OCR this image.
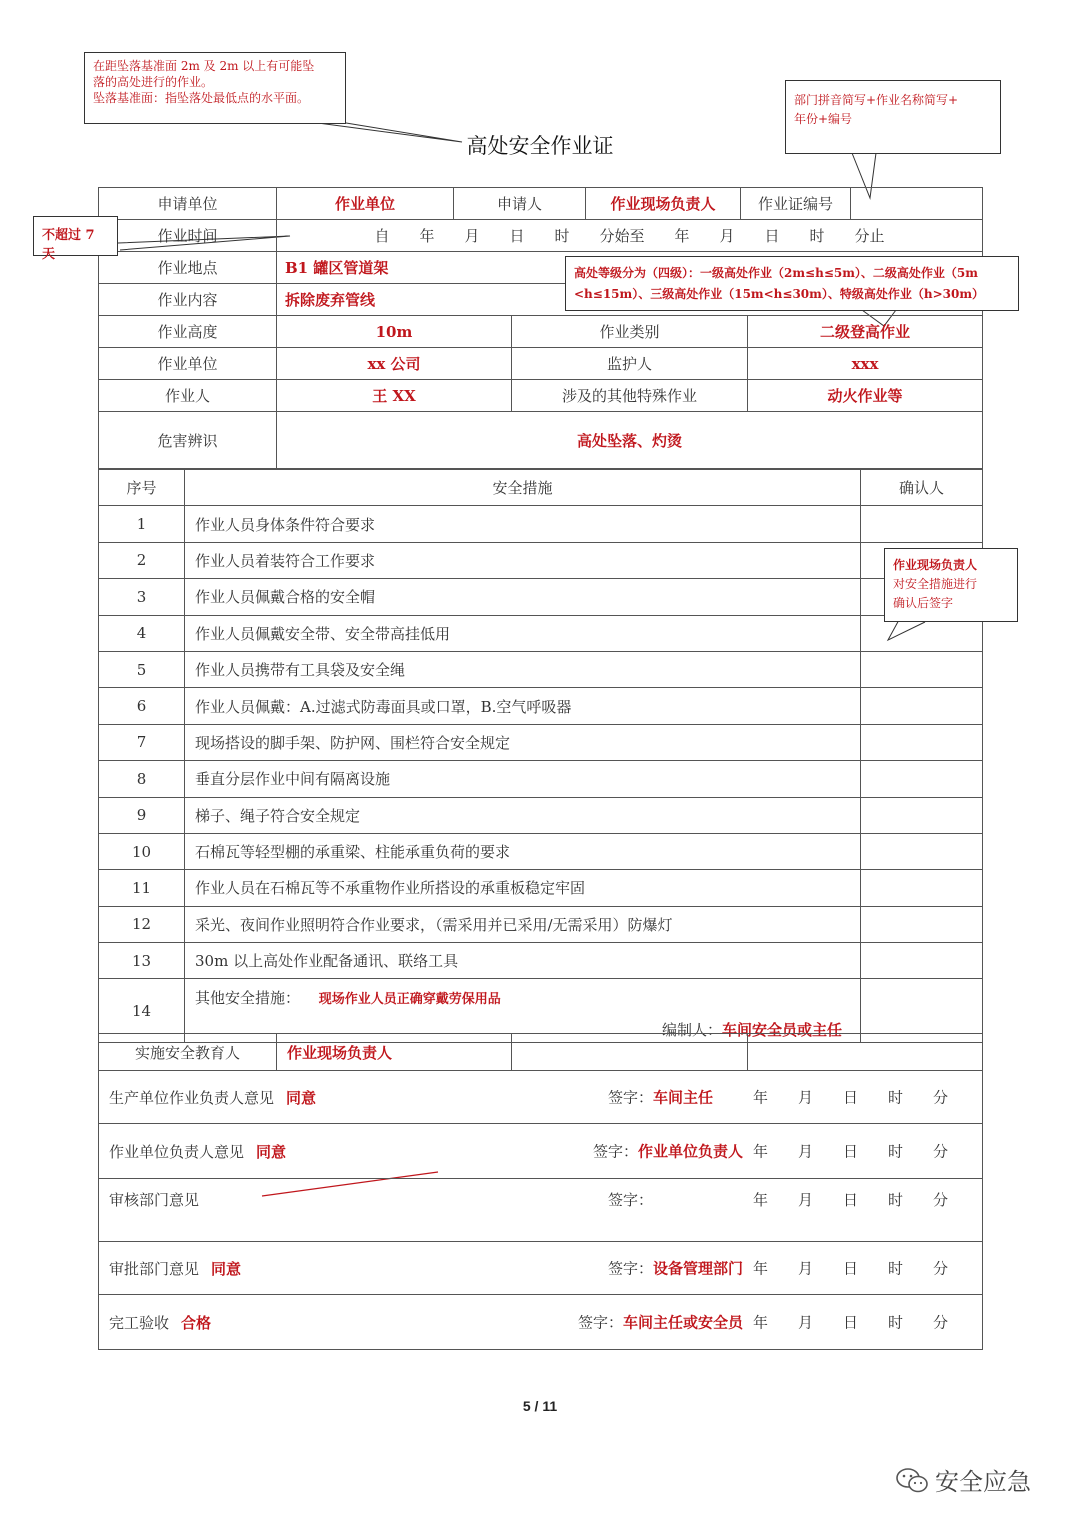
在距坠落基准面 2m 及 2m 以上有可能坠
落的高处进行的作业。
坠落基准面：指坠落处最低点的水平面。	部门拼音简写+作业名称简写+
年份+编号
高处安全作业证
申请单位	作业单位	申请人	作业现场负责人	作业证编号	
作业时间	自　　年　　月　　日　　时　　分始至　　年　　月　　日　　时　　分止				
作业地点	B1 罐区管道架				
作业内容	拆除废弃管线				
作业高度	10m	作业类别	二级登高作业
作业单位	xx 公司	监护人	xxx
作业人	王 XX	涉及的其他特殊作业	动火作业等
危害辨识	高处坠落、灼烫		
不超过 7 天
高处等级分为（四级）：一级高处作业（2m≤h≤5m）、二级高处作业（5m
<h≤15m）、三级高处作业（15m<h≤30m）、特级高处作业（h>30m）
序号	安全措施	确认人
1	作业人员身体条件符合要求	
2	作业人员着装符合工作要求	
3	作业人员佩戴合格的安全帽	
4	作业人员佩戴安全带、安全带高挂低用	
5	作业人员携带有工具袋及安全绳	
6	作业人员佩戴：A.过滤式防毒面具或口罩，B.空气呼吸器	
7	现场搭设的脚手架、防护网、围栏符合安全规定	
8	垂直分层作业中间有隔离设施	
9	梯子、绳子符合安全规定	
10	石棉瓦等轻型棚的承重梁、柱能承重负荷的要求	
11	作业人员在石棉瓦等不承重物作业所搭设的承重板稳定牢固	
12	采光、夜间作业照明符合作业要求，（需采用并已采用/无需采用）防爆灯	
13	30m 以上高处作业配备通讯、联络工具	
14	其他安全措施： 现场作业人员正确穿戴劳保用品
编制人：车间安全员或主任	

作业现场负责人
对安全措施进行
确认后签字
实施安全教育人	作业现场负责人		
生产单位作业负责人意见 同意	签字：车间主任	年　　月　　日　　时　　分

作业单位负责人意见 同意	签字：作业单位负责人 年　　月　　日　　时　　分

审核部门意见	签字：	年　　月　　日　　时　　分

审批部门意见 同意	签字：设备管理部门 年　　月　　日　　时　　分

完工验收 合格	签字：车间主任或安全员 年　　月　　日　　时　　分
5 / 11
安全应急
